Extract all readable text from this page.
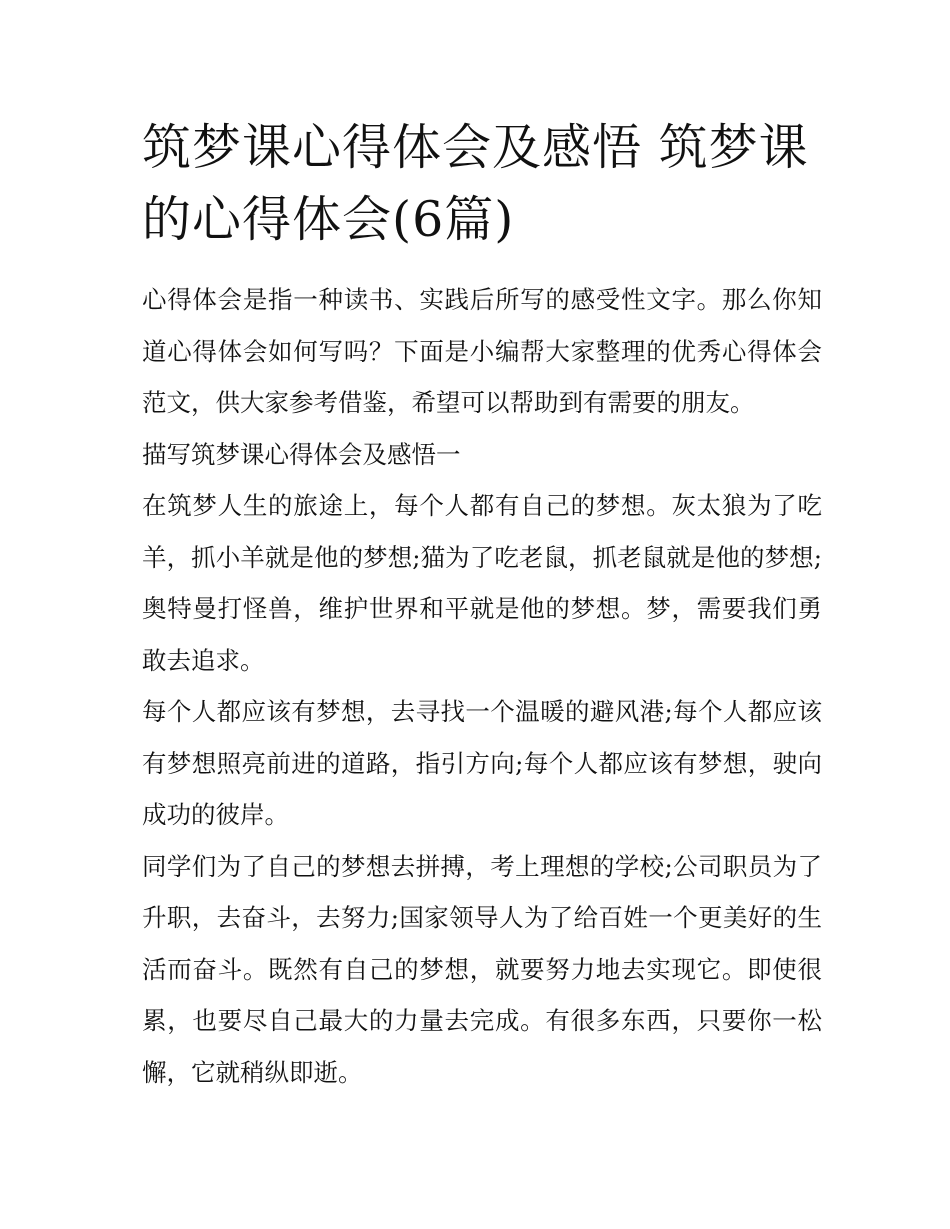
筑梦课心得体会及感悟 筑梦课的心得体会(6篇)

心得体会是指一种读书、实践后所写的感受性文字。那么你知道心得体会如何写吗？下面是小编帮大家整理的优秀心得体会范文，供大家参考借鉴，希望可以帮助到有需要的朋友。

描写筑梦课心得体会及感悟一

在筑梦人生的旅途上，每个人都有自己的梦想。灰太狼为了吃羊，抓小羊就是他的梦想;猫为了吃老鼠，抓老鼠就是他的梦想;奥特曼打怪兽，维护世界和平就是他的梦想。梦，需要我们勇敢去追求。

每个人都应该有梦想，去寻找一个温暖的避风港;每个人都应该有梦想照亮前进的道路，指引方向;每个人都应该有梦想，驶向成功的彼岸。

同学们为了自己的梦想去拼搏，考上理想的学校;公司职员为了升职，去奋斗，去努力;国家领导人为了给百姓一个更美好的生活而奋斗。既然有自己的梦想，就要努力地去实现它。即使很累，也要尽自己最大的力量去完成。有很多东西，只要你一松懈，它就稍纵即逝。
